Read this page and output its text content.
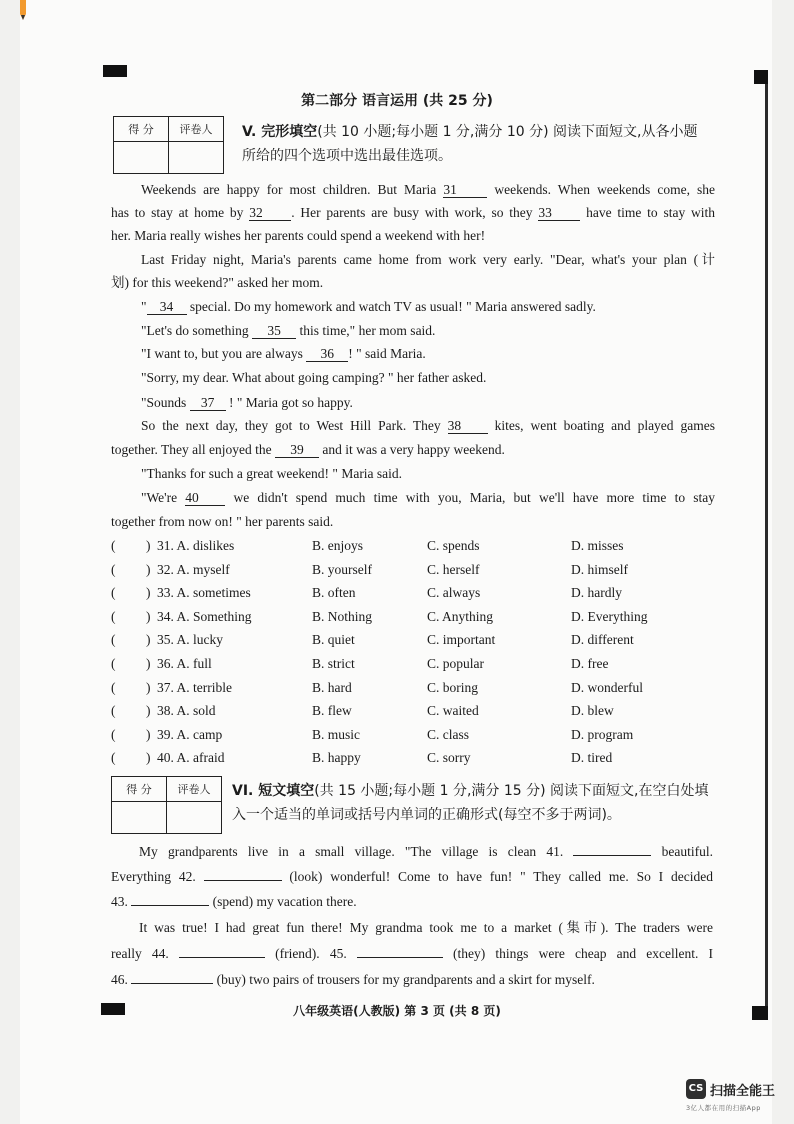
第二部分 语言运用 (共 25 分)
得 分	评卷人
	V. 完形填空(共 10 小题;每小题 1 分,满分 10 分) 阅读下面短文,从各小题
所给的四个选项中选出最佳选项。
Weekends are happy for most children. But Maria 31	weekends. When weekends come, she
has to stay at home by 32 . Her parents are busy with work, so they 33	have time to stay with
her. Maria really wishes her parents could spend a weekend with her!
Last Friday night, Maria's parents came home from work very early. "Dear, what's your plan (计
划) for this weekend?" asked her mom.
" 34 special. Do my homework and watch TV as usual! " Maria answered sadly.
"Let's do something 35 this time," her mom said.
"I want to, but you are always 36 ! " said Maria.
"Sorry, my dear. What about going camping? " her father asked.
"Sounds 37 ! " Maria got so happy.
So the next day, they got to West Hill Park. They 38 kites, went boating and played games
together. They all enjoyed the 39 and it was a very happy weekend.
"Thanks for such a great weekend! " Maria said.
"We're 40	we didn't spend much time with you, Maria, but we'll have more time to stay
together from now on! " her parents said.
( ) 31. A. dislikes	B. enjoys	C. spends	D. misses
( ) 32. A. myself	B. yourself	C. herself	D. himself
( ) 33. A. sometimes	B. often	C. always	D. hardly
( ) 34. A. Something	B. Nothing	C. Anything	D. Everything
( ) 35. A. lucky	B. quiet	C. important	D. different
( ) 36. A. full	B. strict	C. popular	D. free
( ) 37. A. terrible	B. hard	C. boring	D. wonderful
( ) 38. A. sold	B. flew	C. waited	D. blew
( ) 39. A. camp	B. music	C. class	D. program
( ) 40. A. afraid	B. happy	C. sorry	D. tired
得 分	评卷人
	VI. 短文填空(共 15 小题;每小题 1 分,满分 15 分) 阅读下面短文,在空白处填
入一个适当的单词或括号内单词的正确形式(每空不多于两词)。
My grandparents live in a small village. "The village is clean 41.	beautiful.
Everything 42.	(look) wonderful! Come to have fun! " They called me. So I decided
43.	(spend) my vacation there.
It was true! I had great fun there! My grandma took me to a market (集市). The traders were
really 44.	(friend). 45.	(they) things were cheap and excellent. I
46.	(buy) two pairs of trousers for my grandparents and a skirt for myself.
八年级英语(人教版) 第 3 页 (共 8 页)
CS 扫描全能王
3亿人都在用的扫描App
